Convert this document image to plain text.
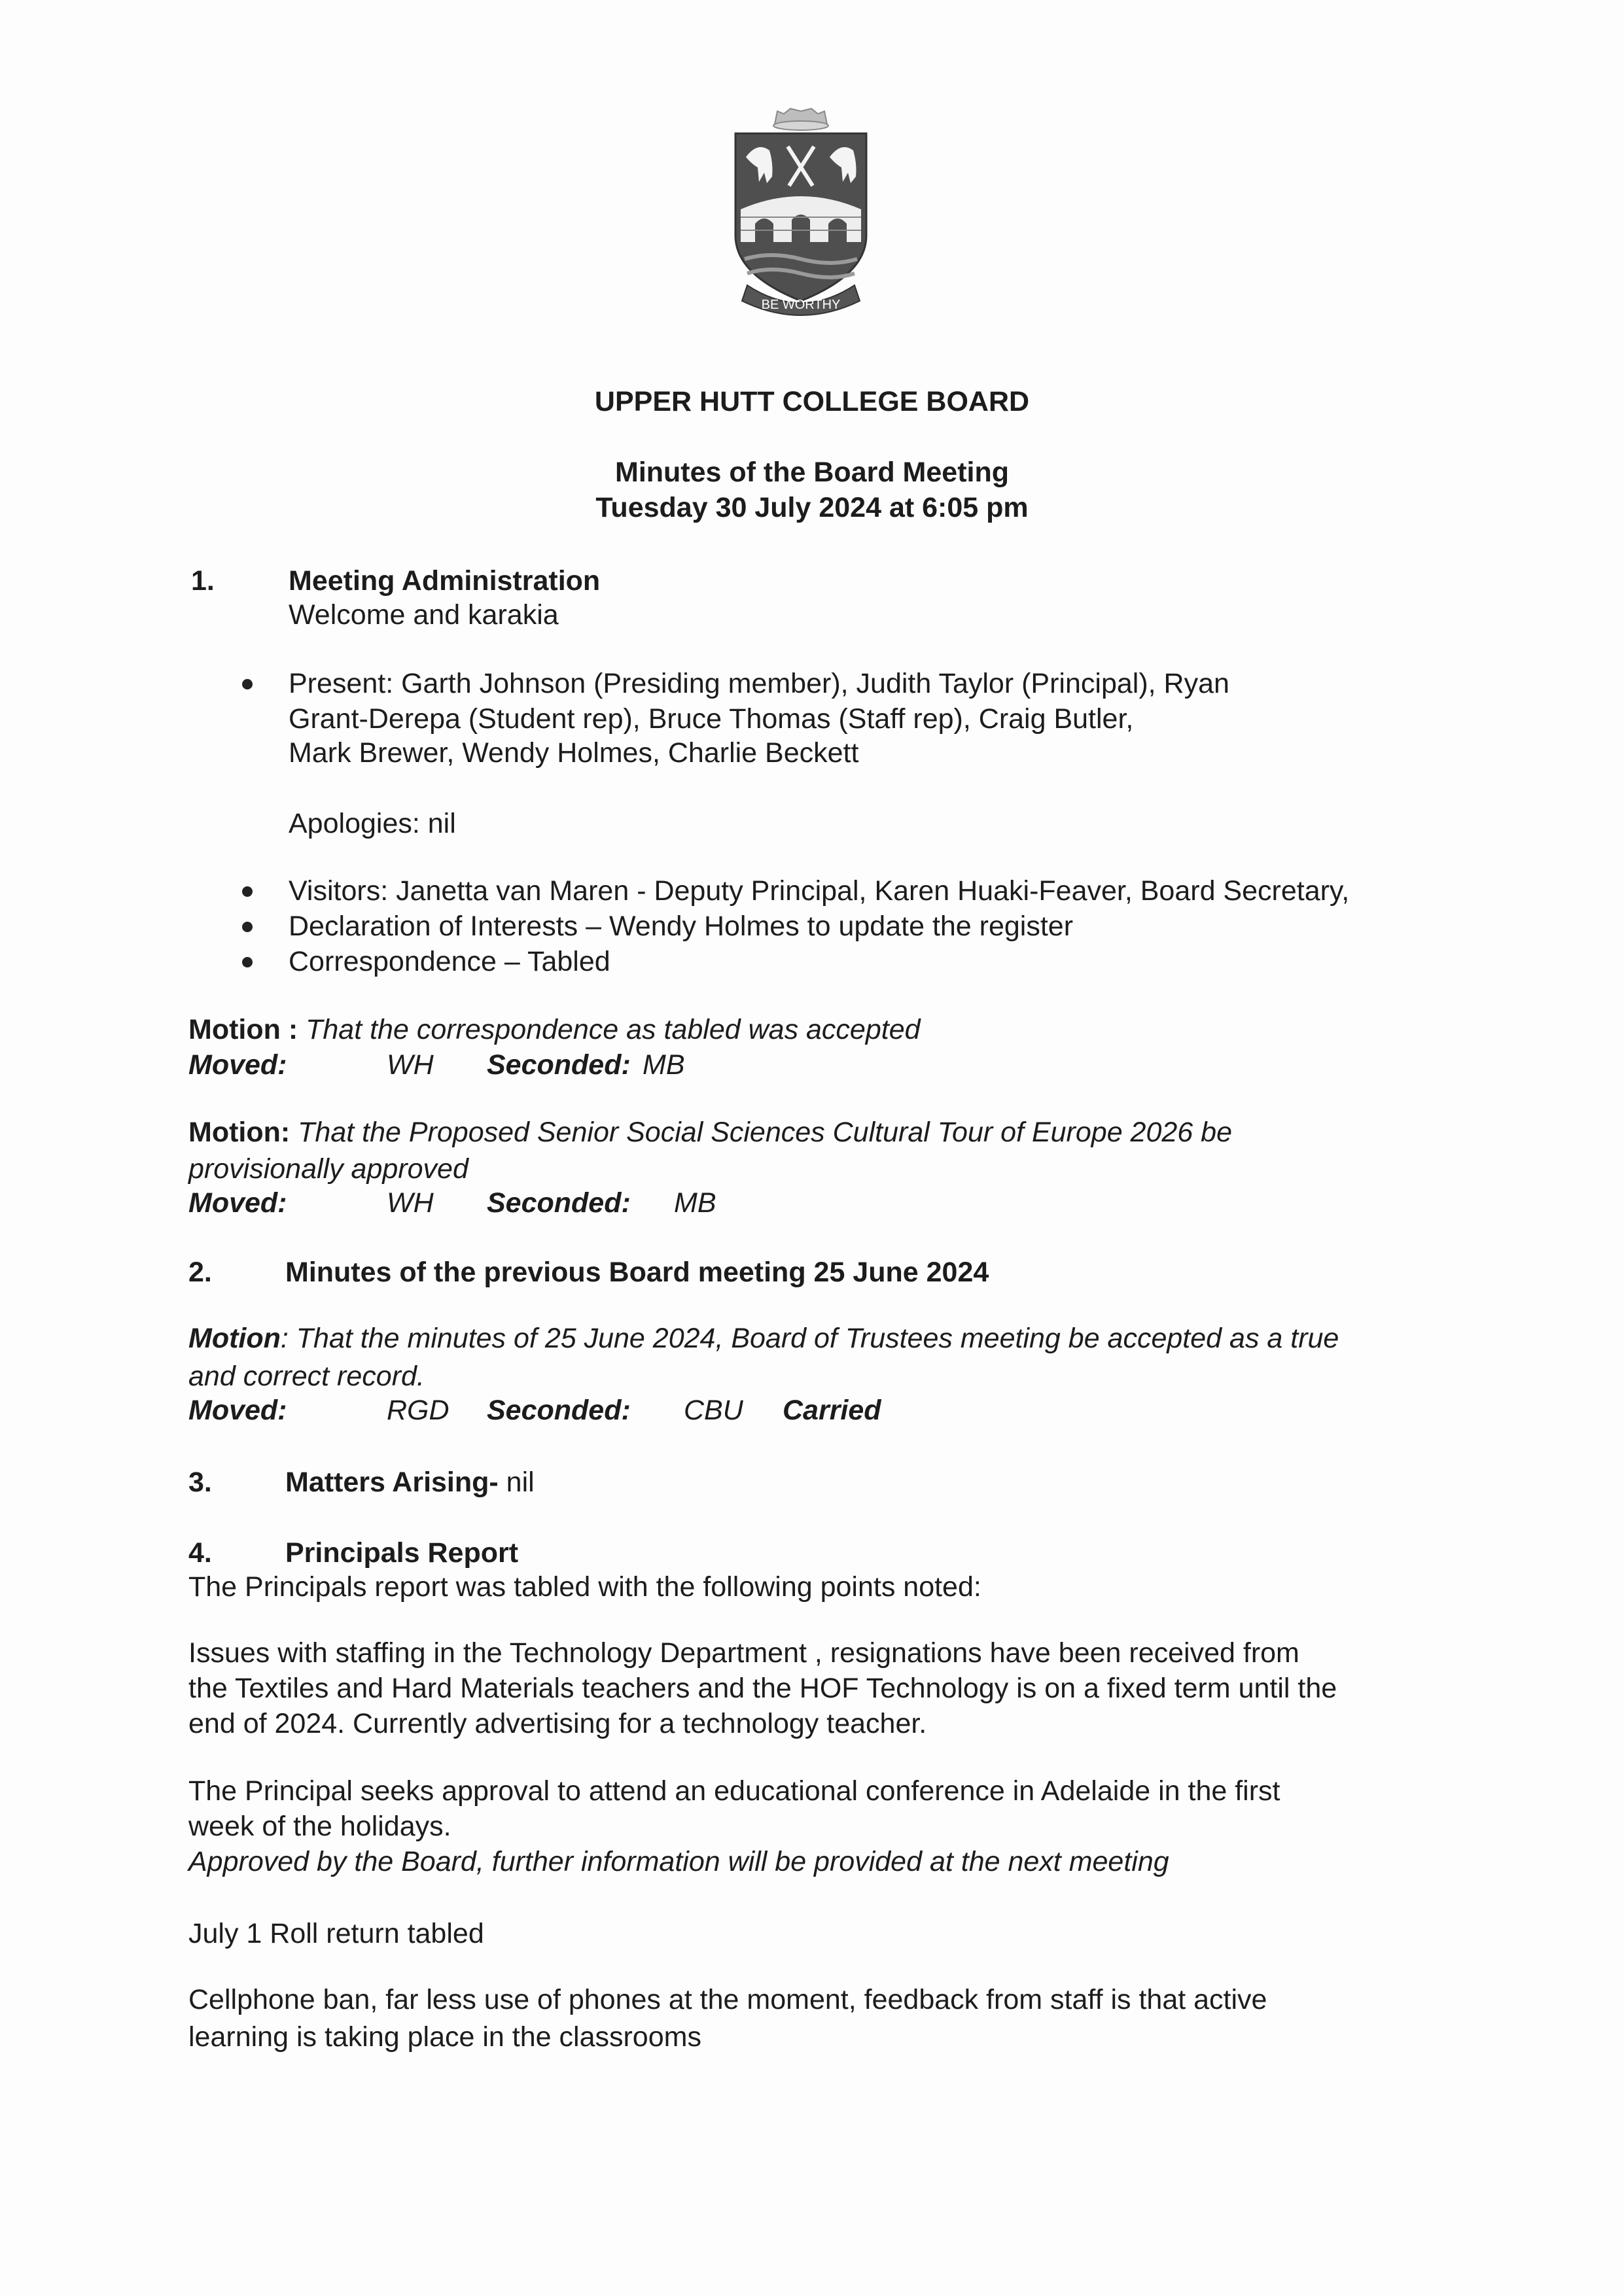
BE WORTHY
UPPER HUTT COLLEGE BOARD
Minutes of the Board Meeting
Tuesday 30 July 2024 at 6:05 pm
1.	Meeting Administration
Welcome and karakia
Present: Garth Johnson (Presiding member), Judith Taylor (Principal), Ryan
Grant-Derepa (Student rep), Bruce Thomas (Staff rep), Craig Butler,
Mark Brewer, Wendy Holmes, Charlie Beckett
Apologies: nil
Visitors: Janetta van Maren - Deputy Principal, Karen Huaki-Feaver, Board Secretary,
Declaration of Interests – Wendy Holmes to update the register
Correspondence – Tabled
Motion : That the correspondence as tabled was accepted
Moved:	WH Seconded: MB
Motion: That the Proposed Senior Social Sciences Cultural Tour of Europe 2026 be
provisionally approved
Moved:	WH Seconded: MB
2.	Minutes of the previous Board meeting 25 June 2024
Motion: That the minutes of 25 June 2024, Board of Trustees meeting be accepted as a true
and correct record.
Moved:	RGD Seconded: CBU Carried
3.	Matters Arising- nil
4.	Principals Report
The Principals report was tabled with the following points noted:
Issues with staffing in the Technology Department , resignations have been received from
the Textiles and Hard Materials teachers and the HOF Technology is on a fixed term until the
end of 2024. Currently advertising for a technology teacher.
The Principal seeks approval to attend an educational conference in Adelaide in the first
week of the holidays.
Approved by the Board, further information will be provided at the next meeting
July 1 Roll return tabled
Cellphone ban, far less use of phones at the moment, feedback from staff is that active
learning is taking place in the classrooms
